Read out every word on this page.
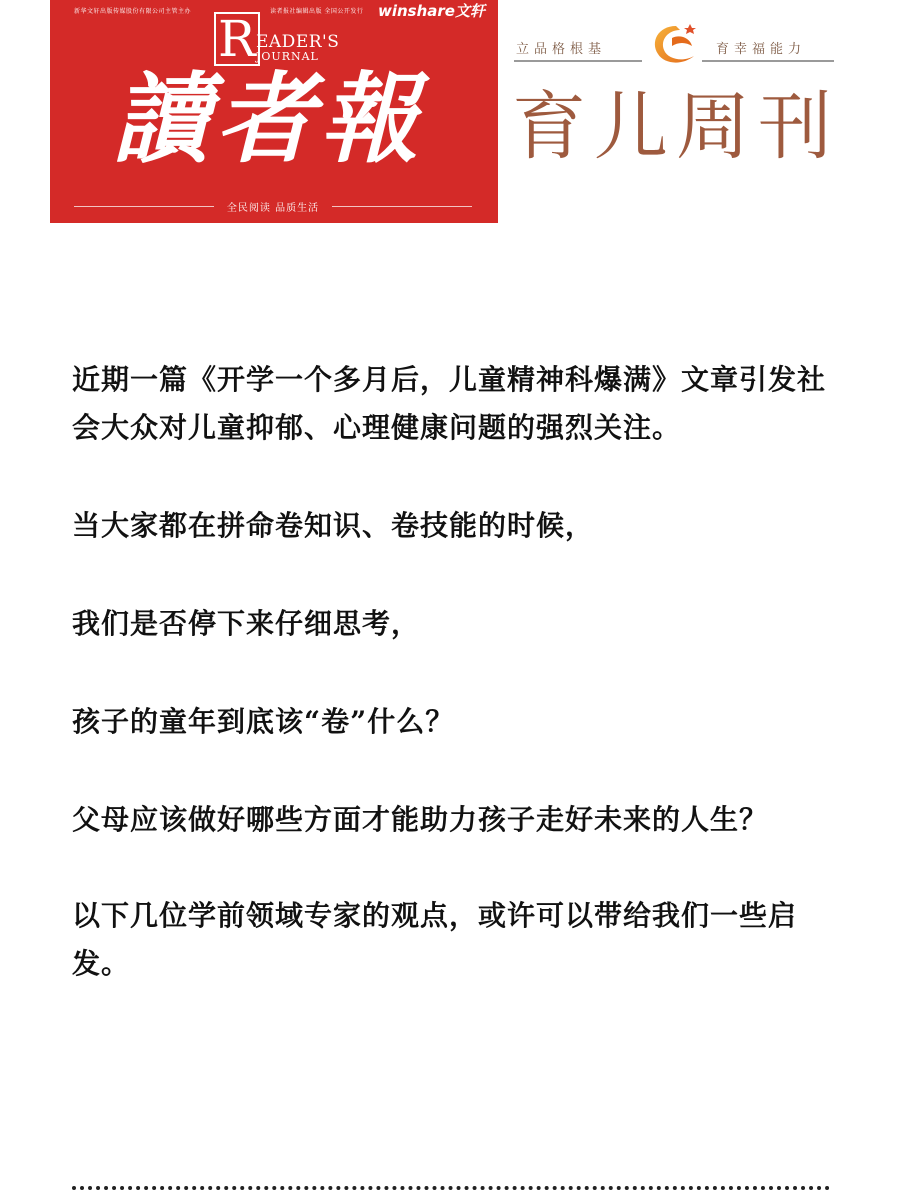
新华文轩出版传媒股份有限公司主管主办	读者报社编辑出版 全国公开发行 winshare文轩
R EADER'S
JOURNAL
讀者報
全民阅读 品质生活
立品格根基	育幸福能力
育儿周刊

近期一篇《开学一个多月后，儿童精神科爆满》文章引发社会大众对儿童抑郁、心理健康问题的强烈关注。

当大家都在拼命卷知识、卷技能的时候，

我们是否停下来仔细思考，

孩子的童年到底该“卷”什么？

父母应该做好哪些方面才能助力孩子走好未来的人生？

以下几位学前领域专家的观点，或许可以带给我们一些启发。
